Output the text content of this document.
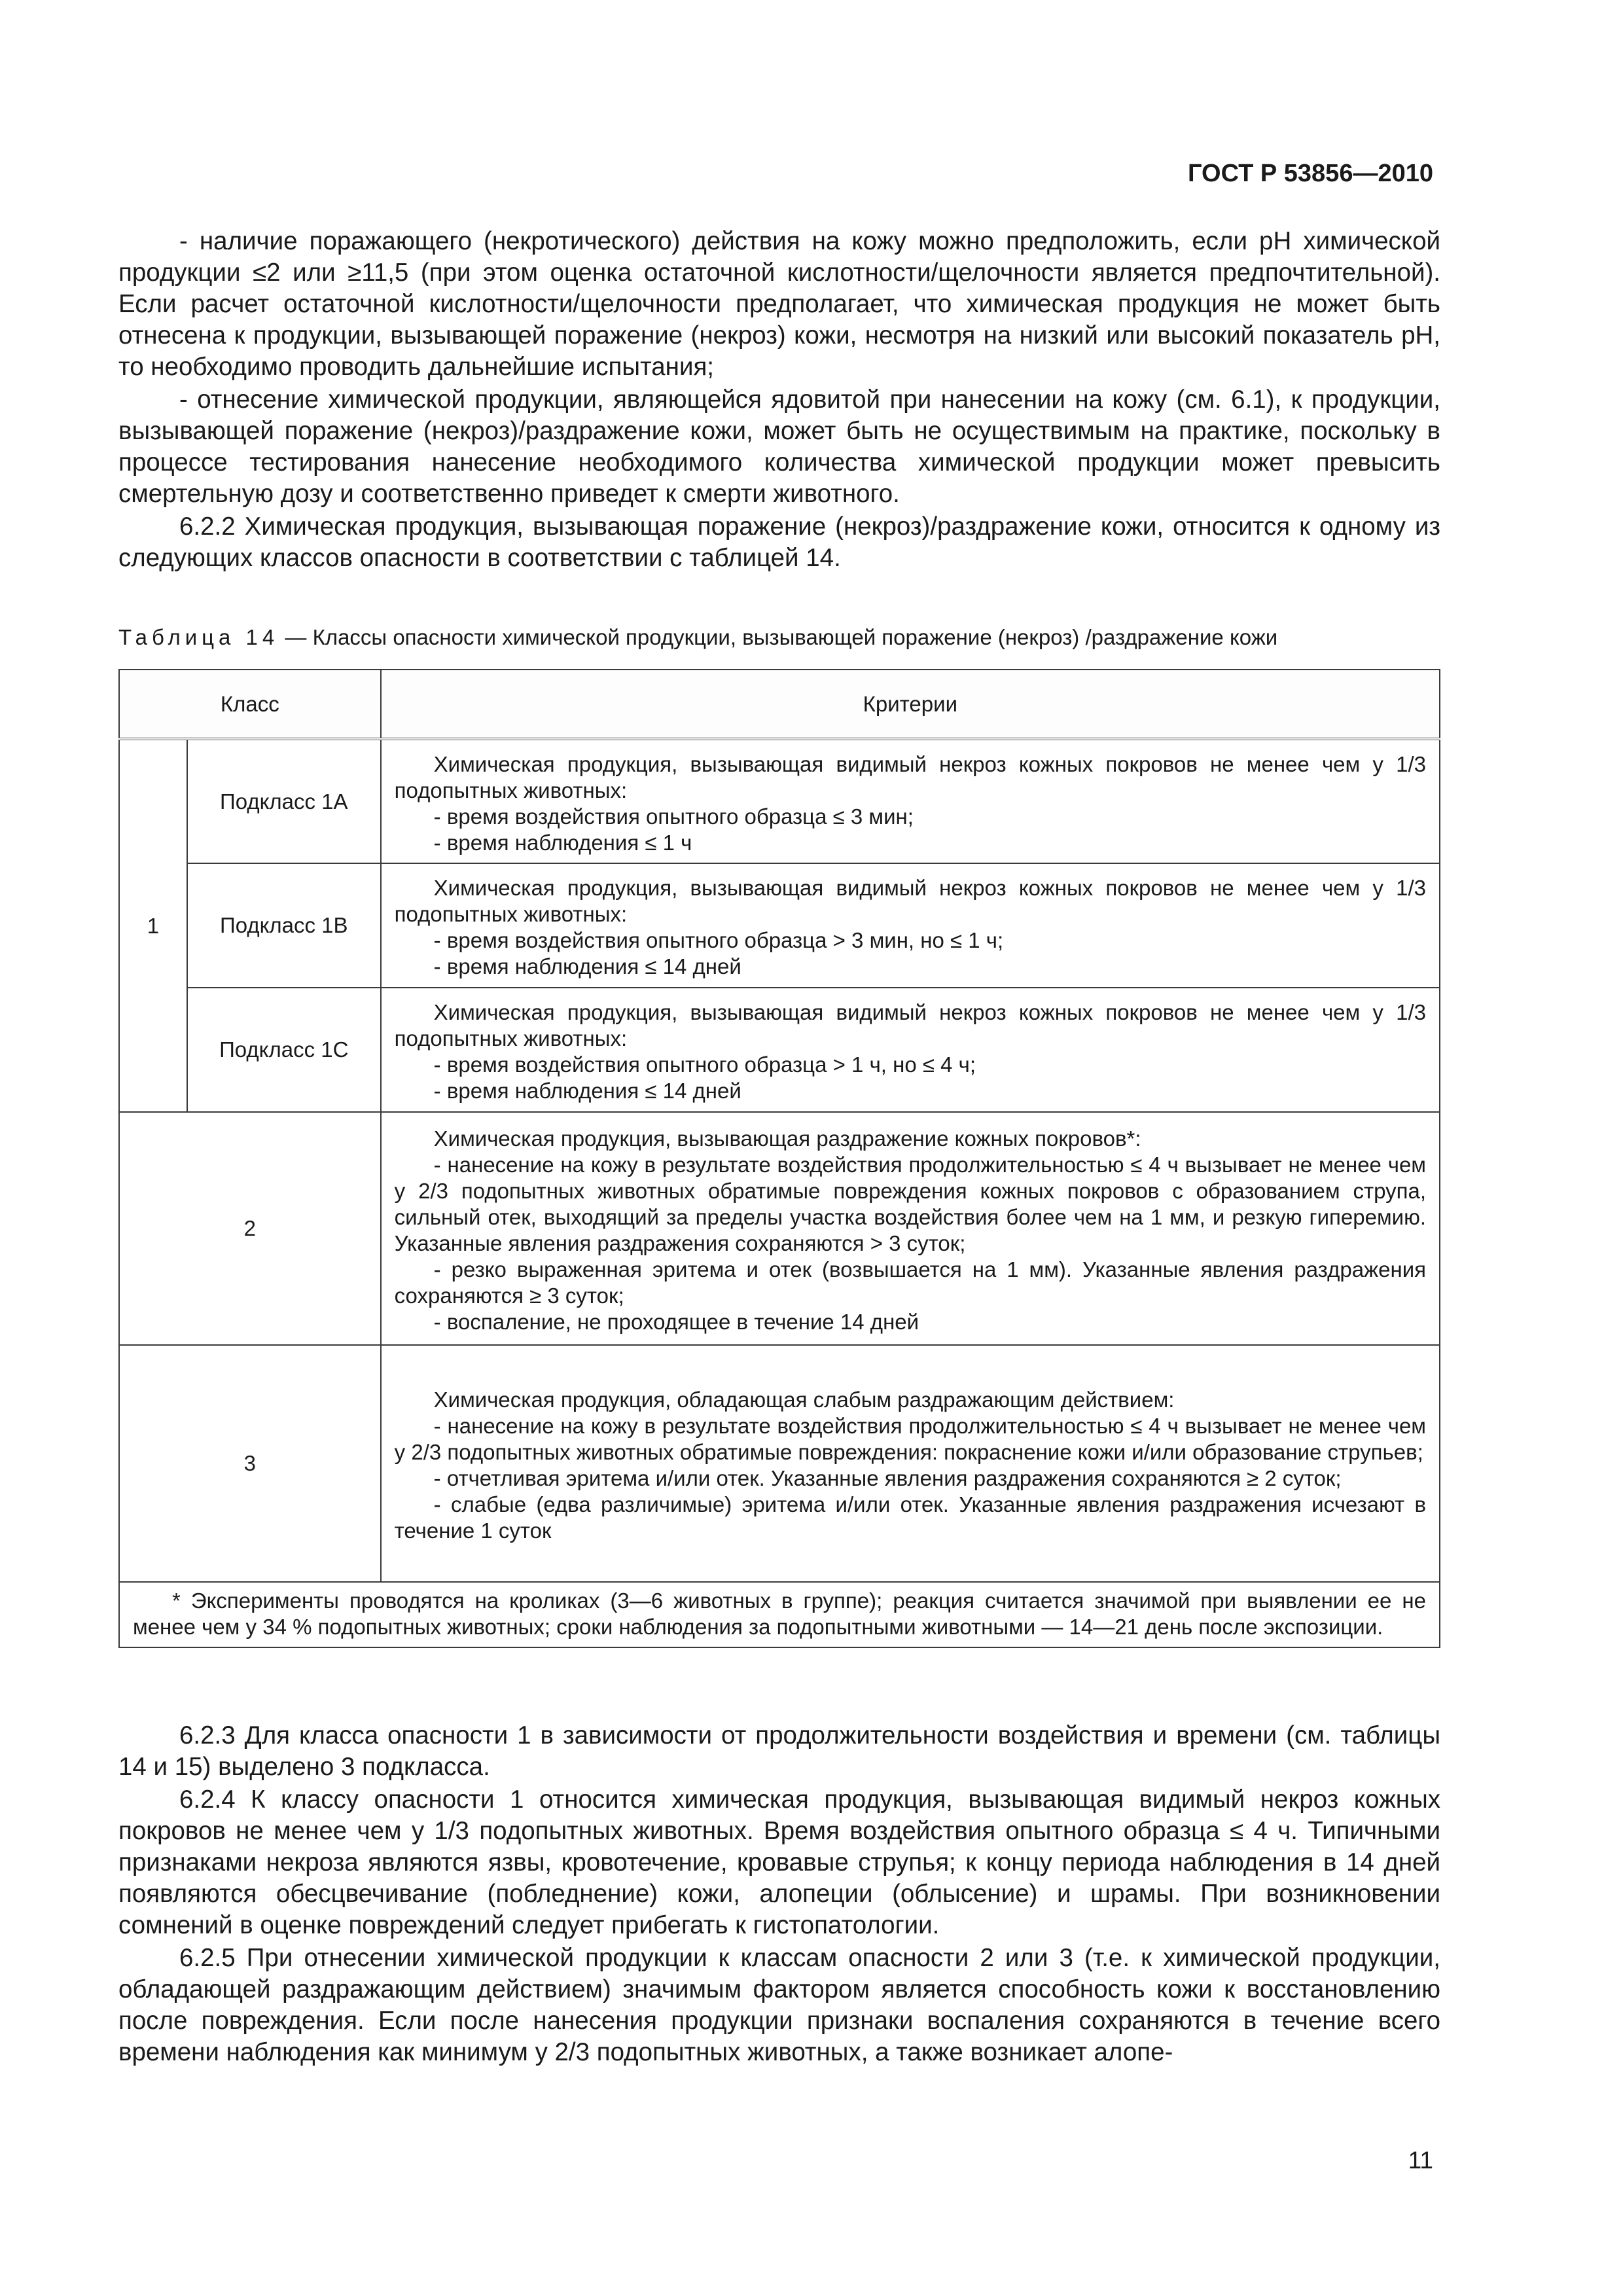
ГОСТ Р 53856—2010

- наличие поражающего (некротического) действия на кожу можно предположить, если pH химической продукции ≤2 или ≥11,5 (при этом оценка остаточной кислотности/щелочности является предпочтительной). Если расчет остаточной кислотности/щелочности предполагает, что химическая продукция не может быть отнесена к продукции, вызывающей поражение (некроз) кожи, несмотря на низкий или высокий показатель pH, то необходимо проводить дальнейшие испытания;

- отнесение химической продукции, являющейся ядовитой при нанесении на кожу (см. 6.1), к продукции, вызывающей поражение (некроз)/раздражение кожи, может быть не осуществимым на практике, поскольку в процессе тестирования нанесение необходимого количества химической продукции может превысить смертельную дозу и соответственно приведет к смерти животного.

6.2.2 Химическая продукция, вызывающая поражение (некроз)/раздражение кожи, относится к одному из следующих классов опасности в соответствии с таблицей 14.

Таблица 14 — Классы опасности химической продукции, вызывающей поражение (некроз) /раздражение кожи
Класс		Критерии
1	Подкласс 1А	Химическая продукция, вызывающая видимый некроз кожных покровов не менее чем у 1/3 подопытных животных:
- время воздействия опытного образца ≤ 3 мин;
- время наблюдения ≤ 1 ч

	Подкласс 1В	Химическая продукция, вызывающая видимый некроз кожных покровов не менее чем у 1/3 подопытных животных:
- время воздействия опытного образца > 3 мин, но ≤ 1 ч;
- время наблюдения ≤ 14 дней

	Подкласс 1С	Химическая продукция, вызывающая видимый некроз кожных покровов не менее чем у 1/3 подопытных животных:
- время воздействия опытного образца > 1 ч, но ≤ 4 ч;
- время наблюдения ≤ 14 дней

2		Химическая продукция, вызывающая раздражение кожных покровов*:
- нанесение на кожу в результате воздействия продолжительностью ≤ 4 ч вызывает не менее чем у 2/3 подопытных животных обратимые повреждения кожных покровов с образованием струпа, сильный отек, выходящий за пределы участка воздействия более чем на 1 мм, и резкую гиперемию. Указанные явления раздражения сохраняются > 3 суток;
- резко выраженная эритема и отек (возвышается на 1 мм). Указанные явления раздражения сохраняются ≥ 3 суток;
- воспаление, не проходящее в течение 14 дней

3		Химическая продукция, обладающая слабым раздражающим действием:
- нанесение на кожу в результате воздействия продолжительностью ≤ 4 ч вызывает не менее чем у 2/3 подопытных животных обратимые повреждения: покраснение кожи и/или образование струпьев;
- отчетливая эритема и/или отек. Указанные явления раздражения сохраняются ≥ 2 суток;
- слабые (едва различимые) эритема и/или отек. Указанные явления раздражения исчезают в течение 1 суток

* Эксперименты проводятся на кроликах (3—6 животных в группе); реакция считается значимой при выявлении ее не менее чем у 34 % подопытных животных; сроки наблюдения за подопытными животными — 14—21 день после экспозиции.		

6.2.3 Для класса опасности 1 в зависимости от продолжительности воздействия и времени (см. таблицы 14 и 15) выделено 3 подкласса.

6.2.4 К классу опасности 1 относится химическая продукция, вызывающая видимый некроз кожных покровов не менее чем у 1/3 подопытных животных. Время воздействия опытного образца ≤ 4 ч. Типичными признаками некроза являются язвы, кровотечение, кровавые струпья; к концу периода наблюдения в 14 дней появляются обесцвечивание (побледнение) кожи, алопеции (облысение) и шрамы. При возникновении сомнений в оценке повреждений следует прибегать к гистопатологии.

6.2.5 При отнесении химической продукции к классам опасности 2 или 3 (т.е. к химической продукции, обладающей раздражающим действием) значимым фактором является способность кожи к восстановлению после повреждения. Если после нанесения продукции признаки воспаления сохраняются в течение всего времени наблюдения как минимум у 2/3 подопытных животных, а также возникает алопе-

11
